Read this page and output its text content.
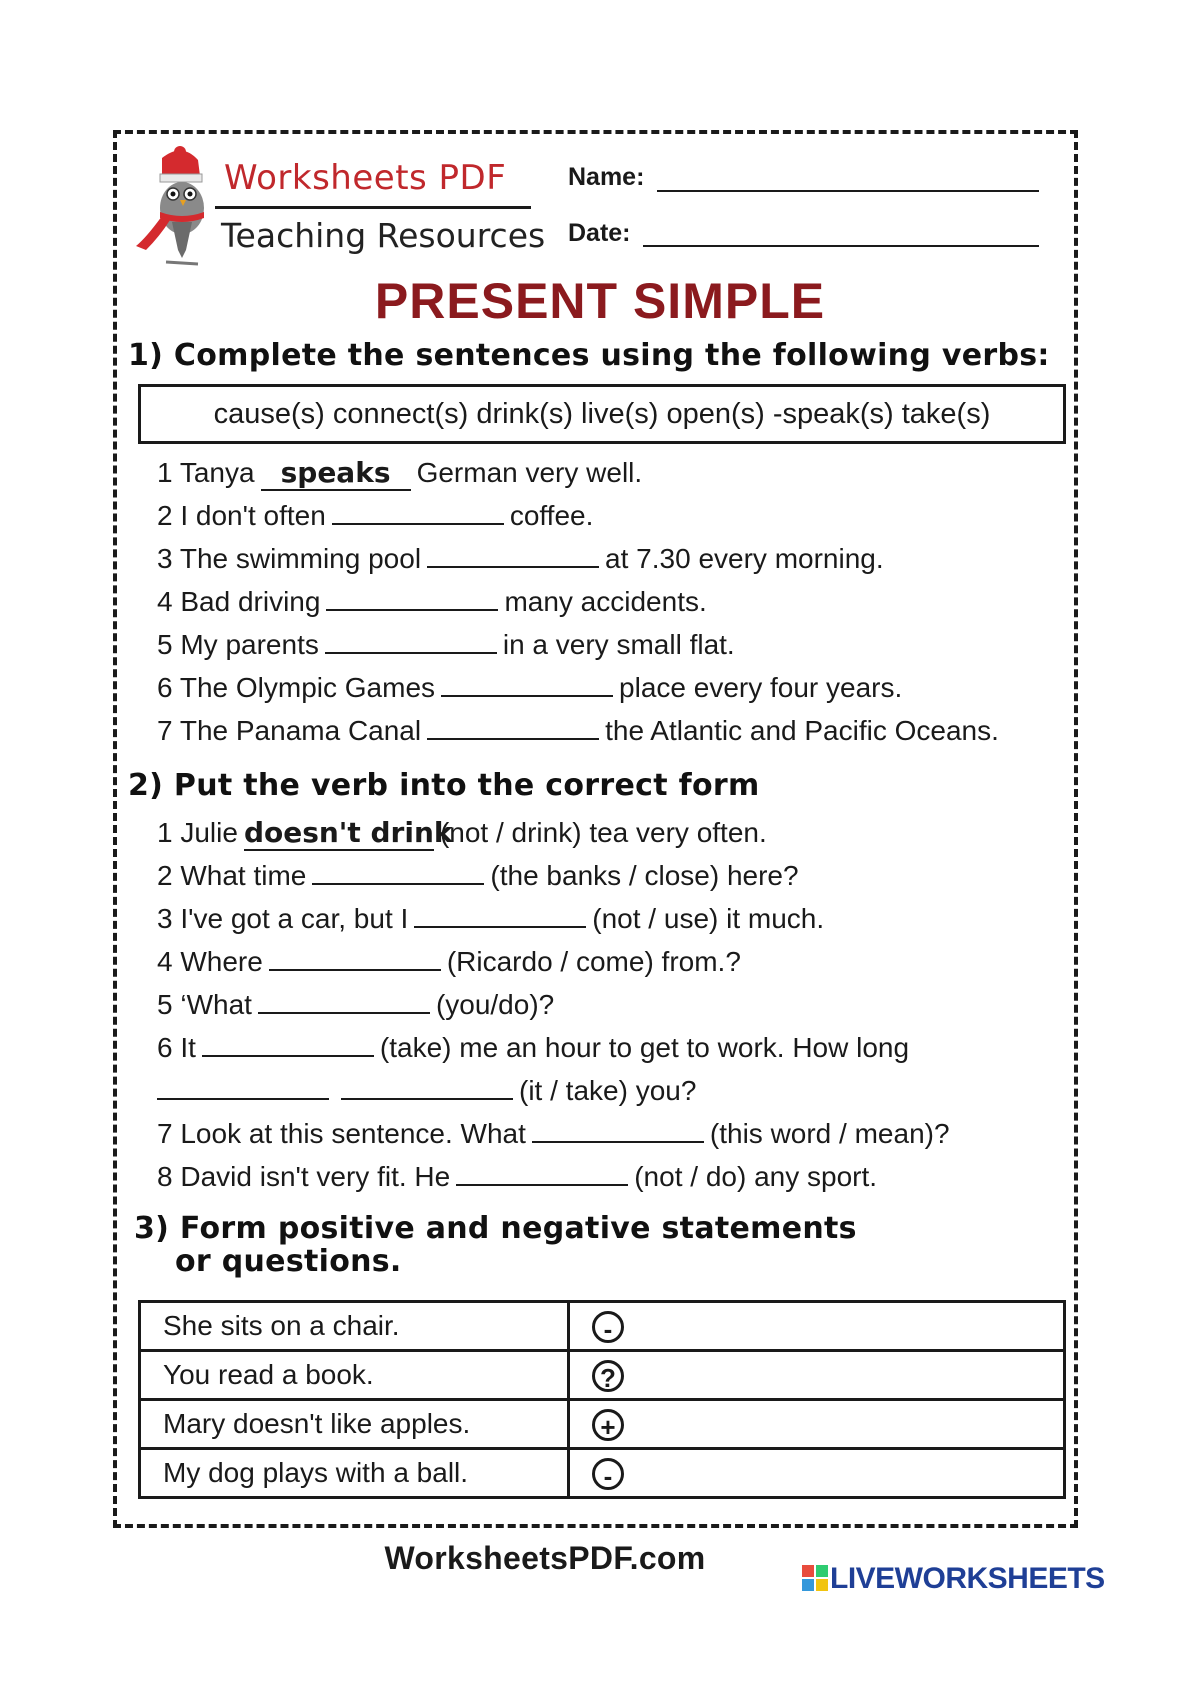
Worksheets PDF
Teaching Resources
Name:
Date:
PRESENT SIMPLE
1) Complete the sentences using the following verbs:
cause(s) connect(s) drink(s) live(s) open(s) -speak(s) take(s)
1 Tanya speaks German very well.
2 I don't often	coffee.
3 The swimming pool	at 7.30 every morning.
4 Bad driving	many accidents.
5 My parents	in a very small flat.
6 The Olympic Games	place every four years.
7 The Panama Canal	the Atlantic and Pacific Oceans.
2) Put the verb into the correct form
1 Julie doesn't drink(not / drink) tea very often.
2 What time	(the banks / close) here?
3 I've got a car, but I	(not / use) it much.
4 Where	(Ricardo / come) from.?
5 ‘What	(you/do)?
6 It	(take) me an hour to get to work. How long
(it / take) you?
7 Look at this sentence. What	(this word / mean)?
8 David isn't very fit. He	(not / do) any sport.
3) Form positive and negative statements
or questions.
She sits on a chair.	-
You read a book.	?
Mary doesn't like apples.	+
My dog plays with a ball.	-
WorksheetsPDF.com
LIVEWORKSHEETS
